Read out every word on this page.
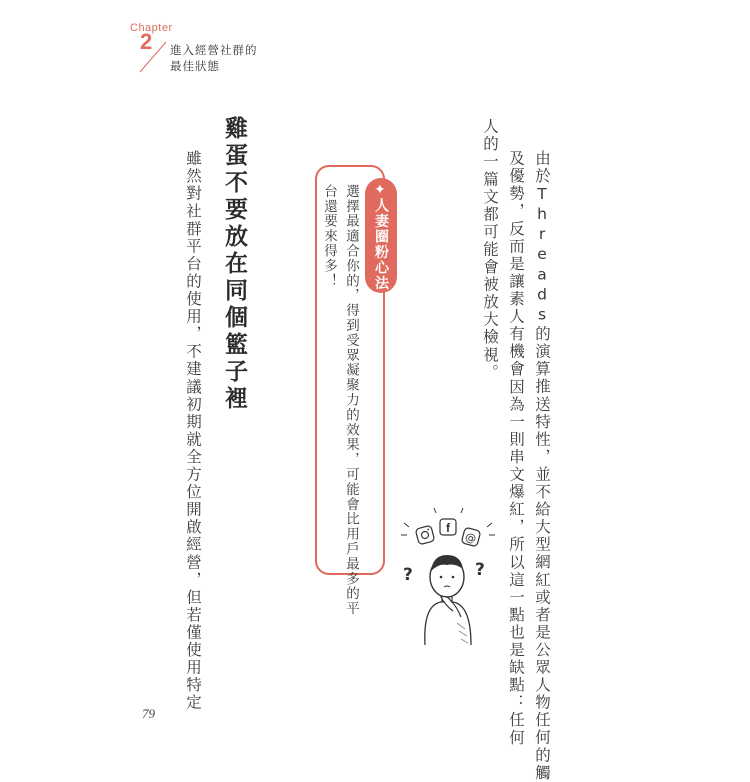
Chapter
2 進入經營社群的
最佳狀態
由於Threads的演算推送特性，並不給大型網紅或者是公眾人物任何的觸
及優勢，反而是讓素人有機會因為一則串文爆紅，所以這一點也是缺點：任何
人的一篇文都可能會被放大檢視。
✦
人妻圈粉心法
選擇最適合你的，得到受眾凝聚力的效果，可能會比用戶最多的平
台還要來得多！
f
@
?	?
雞蛋不要放在同個籃子裡
雖然對社群平台的使用，不建議初期就全方位開啟經營，但若僅使用特定
79
